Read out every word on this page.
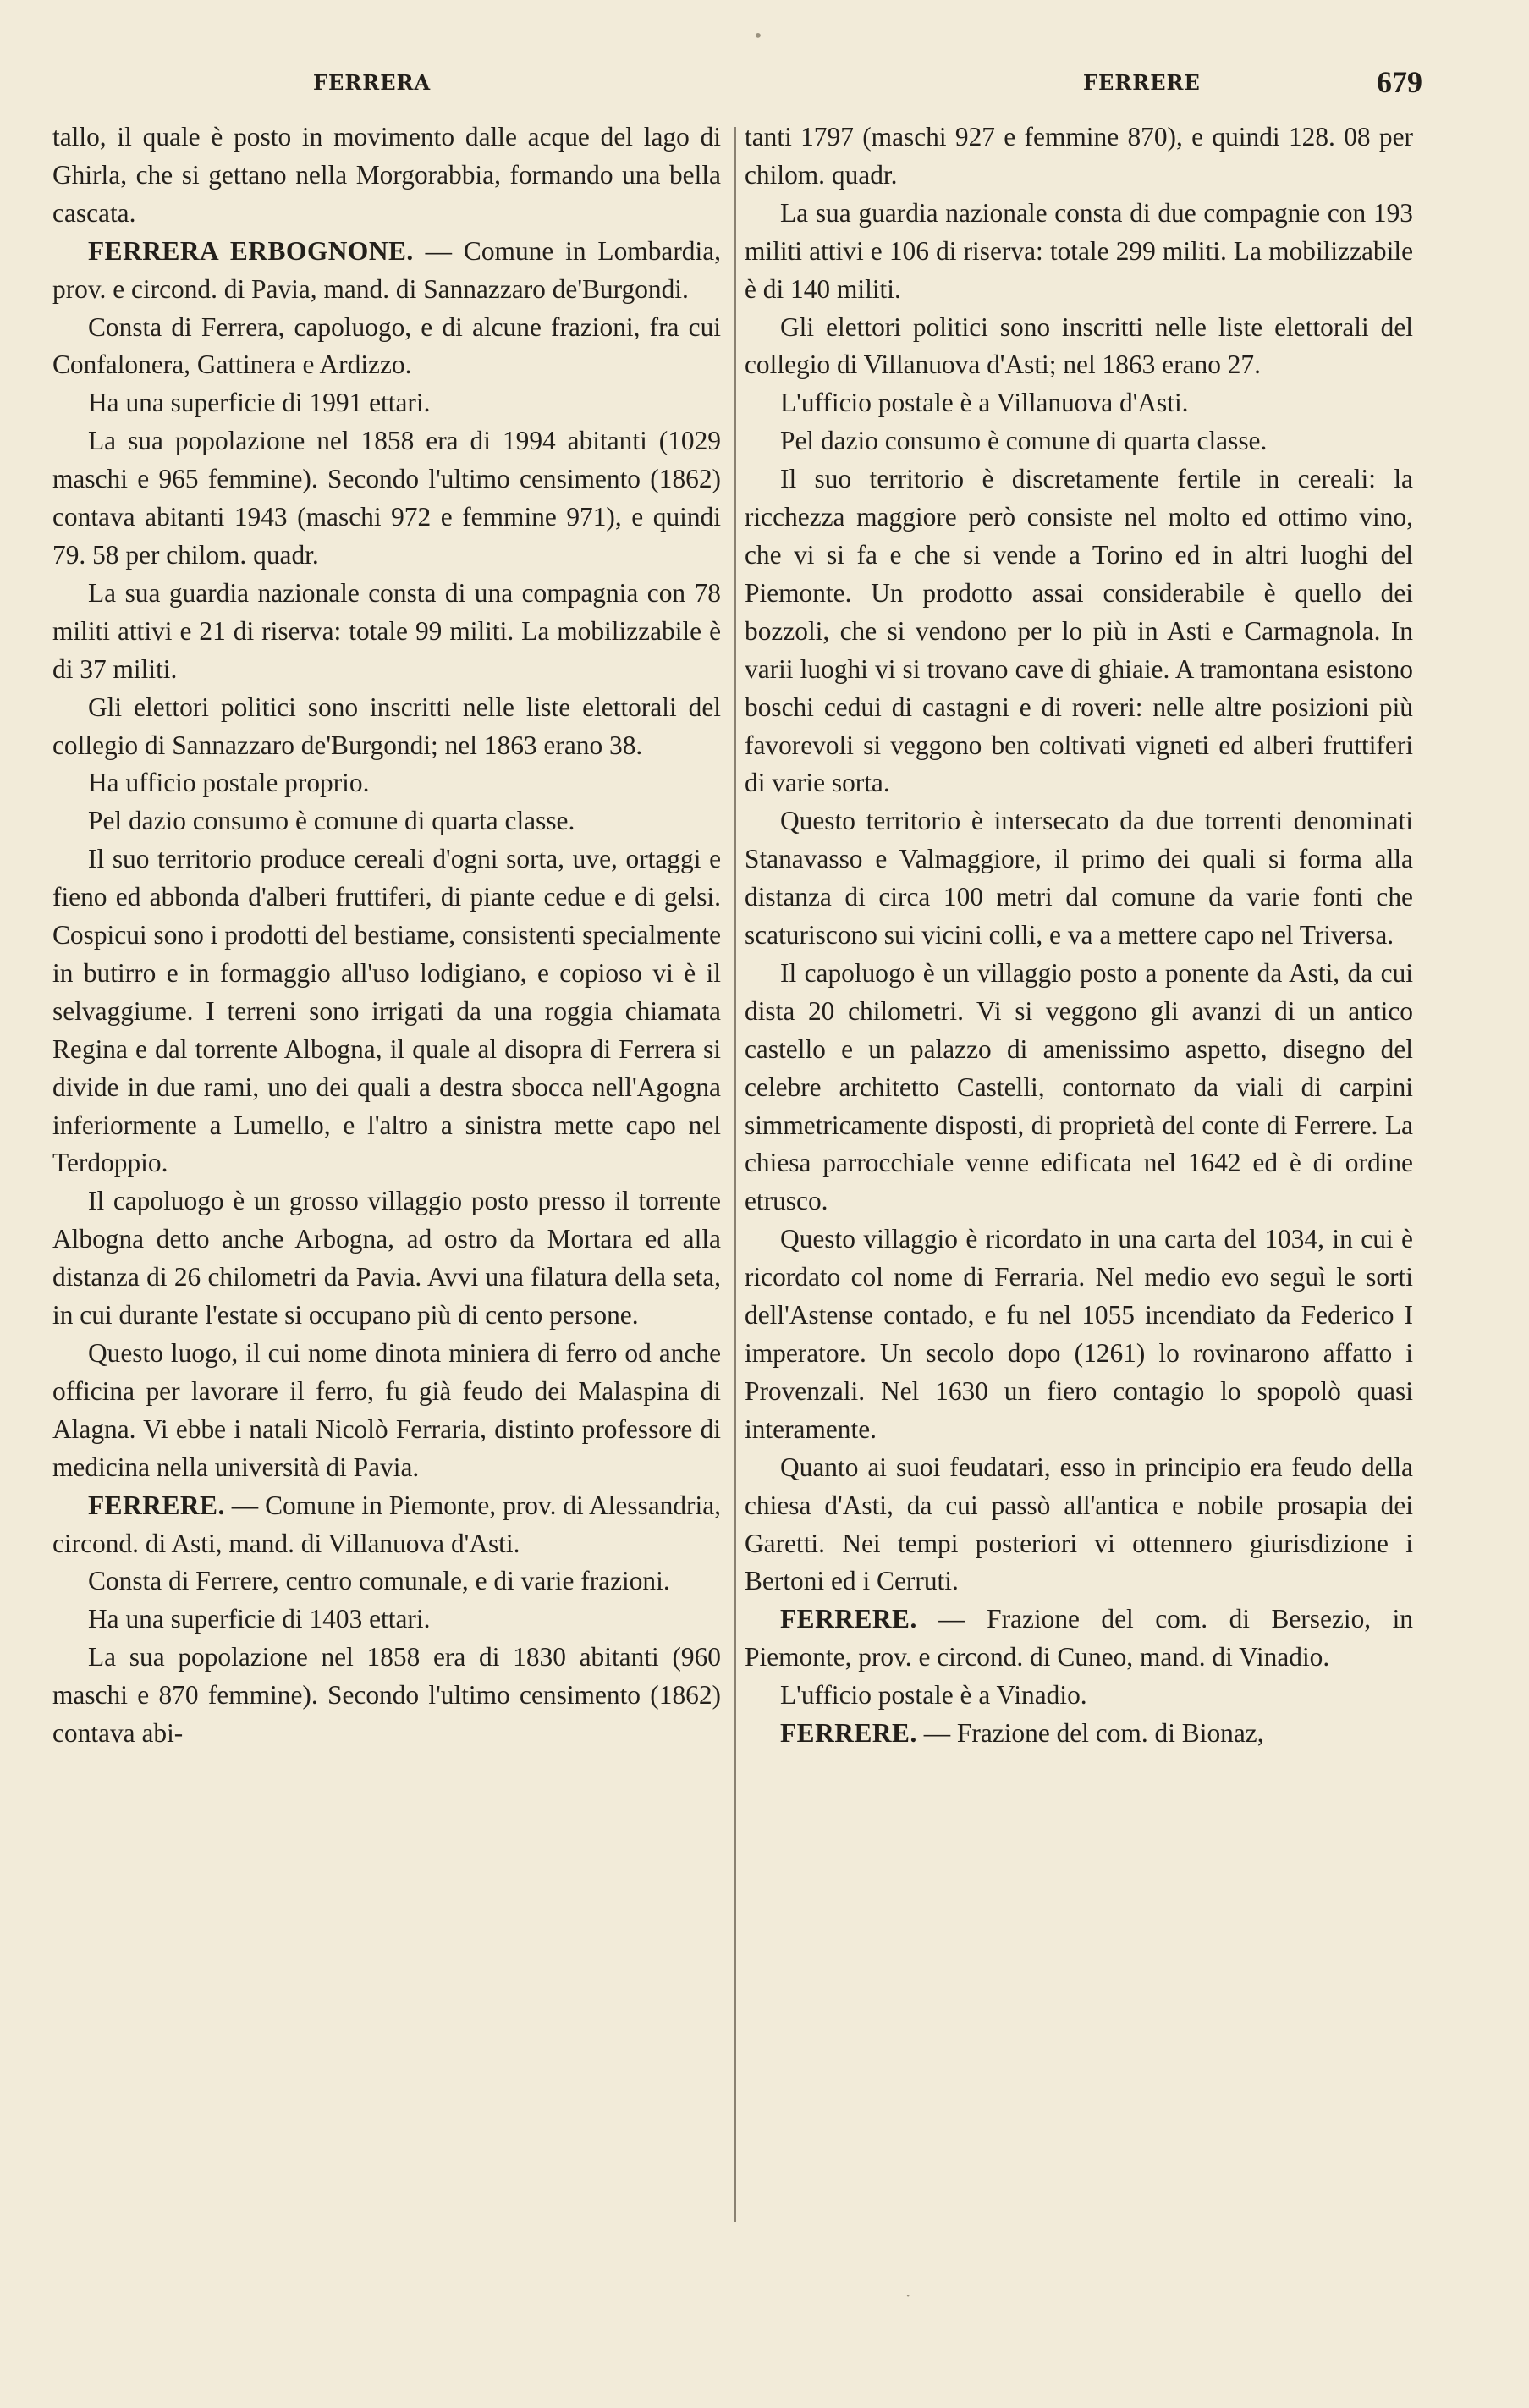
FERRERA	FERRERE	679

tallo, il quale è posto in movimento dalle acque del lago di Ghirla, che si gettano nella Morgorabbia, formando una bella cascata.

FERRERA ERBOGNONE. — Comune in Lombardia, prov. e circond. di Pavia, mand. di Sannazzaro de'Burgondi.

Consta di Ferrera, capoluogo, e di alcune frazioni, fra cui Confalonera, Gattinera e Ardizzo.

Ha una superficie di 1991 ettari.

La sua popolazione nel 1858 era di 1994 abitanti (1029 maschi e 965 femmine). Secondo l'ultimo censimento (1862) contava abitanti 1943 (maschi 972 e femmine 971), e quindi 79. 58 per chilom. quadr.

La sua guardia nazionale consta di una compagnia con 78 militi attivi e 21 di riserva: totale 99 militi. La mobilizzabile è di 37 militi.

Gli elettori politici sono inscritti nelle liste elettorali del collegio di Sannazzaro de'Burgondi; nel 1863 erano 38.

Ha ufficio postale proprio.

Pel dazio consumo è comune di quarta classe.

Il suo territorio produce cereali d'ogni sorta, uve, ortaggi e fieno ed abbonda d'alberi fruttiferi, di piante cedue e di gelsi. Cospicui sono i prodotti del bestiame, consistenti specialmente in butirro e in formaggio all'uso lodigiano, e copioso vi è il selvaggiume. I terreni sono irrigati da una roggia chiamata Regina e dal torrente Albogna, il quale al disopra di Ferrera si divide in due rami, uno dei quali a destra sbocca nell'Agogna inferiormente a Lumello, e l'altro a sinistra mette capo nel Terdoppio.

Il capoluogo è un grosso villaggio posto presso il torrente Albogna detto anche Arbogna, ad ostro da Mortara ed alla distanza di 26 chilometri da Pavia. Avvi una filatura della seta, in cui durante l'estate si occupano più di cento persone.

Questo luogo, il cui nome dinota miniera di ferro od anche officina per lavorare il ferro, fu già feudo dei Malaspina di Alagna. Vi ebbe i natali Nicolò Ferraria, distinto professore di medicina nella università di Pavia.

FERRERE. — Comune in Piemonte, prov. di Alessandria, circond. di Asti, mand. di Villanuova d'Asti.

Consta di Ferrere, centro comunale, e di varie frazioni.

Ha una superficie di 1403 ettari.

La sua popolazione nel 1858 era di 1830 abitanti (960 maschi e 870 femmine). Secondo l'ultimo censimento (1862) contava abi-

tanti 1797 (maschi 927 e femmine 870), e quindi 128. 08 per chilom. quadr.

La sua guardia nazionale consta di due compagnie con 193 militi attivi e 106 di riserva: totale 299 militi. La mobilizzabile è di 140 militi.

Gli elettori politici sono inscritti nelle liste elettorali del collegio di Villanuova d'Asti; nel 1863 erano 27.

L'ufficio postale è a Villanuova d'Asti.

Pel dazio consumo è comune di quarta classe.

Il suo territorio è discretamente fertile in cereali: la ricchezza maggiore però consiste nel molto ed ottimo vino, che vi si fa e che si vende a Torino ed in altri luoghi del Piemonte. Un prodotto assai considerabile è quello dei bozzoli, che si vendono per lo più in Asti e Carmagnola. In varii luoghi vi si trovano cave di ghiaie. A tramontana esistono boschi cedui di castagni e di roveri: nelle altre posizioni più favorevoli si veggono ben coltivati vigneti ed alberi fruttiferi di varie sorta.

Questo territorio è intersecato da due torrenti denominati Stanavasso e Valmaggiore, il primo dei quali si forma alla distanza di circa 100 metri dal comune da varie fonti che scaturiscono sui vicini colli, e va a mettere capo nel Triversa.

Il capoluogo è un villaggio posto a ponente da Asti, da cui dista 20 chilometri. Vi si veggono gli avanzi di un antico castello e un palazzo di amenissimo aspetto, disegno del celebre architetto Castelli, contornato da viali di carpini simmetricamente disposti, di proprietà del conte di Ferrere. La chiesa parrocchiale venne edificata nel 1642 ed è di ordine etrusco.

Questo villaggio è ricordato in una carta del 1034, in cui è ricordato col nome di Ferraria. Nel medio evo seguì le sorti dell'Astense contado, e fu nel 1055 incendiato da Federico I imperatore. Un secolo dopo (1261) lo rovinarono affatto i Provenzali. Nel 1630 un fiero contagio lo spopolò quasi interamente.

Quanto ai suoi feudatari, esso in principio era feudo della chiesa d'Asti, da cui passò all'antica e nobile prosapia dei Garetti. Nei tempi posteriori vi ottennero giurisdizione i Bertoni ed i Cerruti.

FERRERE. — Frazione del com. di Bersezio, in Piemonte, prov. e circond. di Cuneo, mand. di Vinadio.

L'ufficio postale è a Vinadio.

FERRERE. — Frazione del com. di Bionaz,

•
·
